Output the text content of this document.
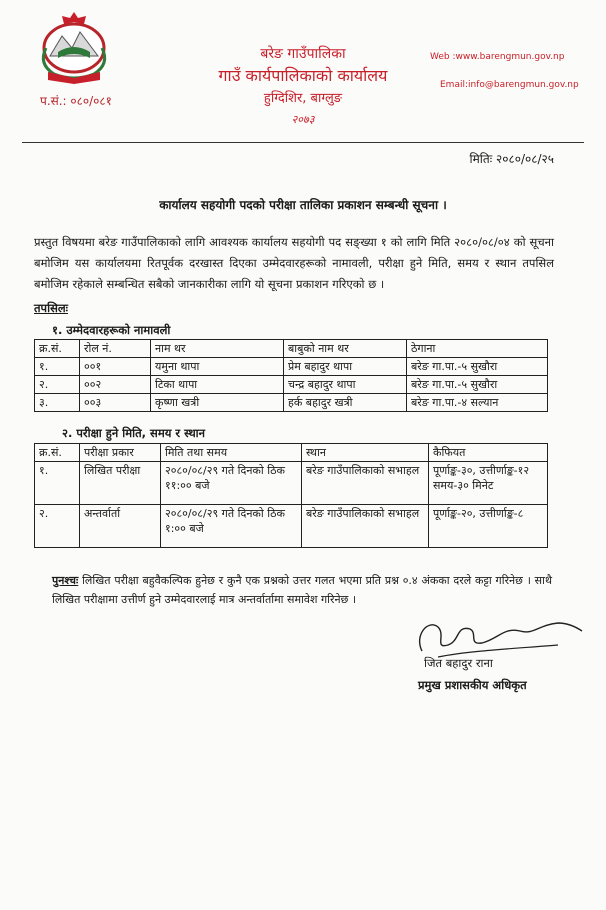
प.सं.: ०८०/०८१
बरेङ गाउँपालिका
गाउँ कार्यपालिकाको कार्यालय
हुग्दिशिर, बाग्लुङ
२०७३
Web :www.barengmun.gov.np
Email:info@barengmun.gov.np
मितिः २०८०/०८/२५
कार्यालय सहयोगी पदको परीक्षा तालिका प्रकाशन सम्बन्धी सूचना ।
प्रस्तुत विषयमा बरेङ गाउँपालिकाको लागि आवश्यक कार्यालय सहयोगी पद सङ्ख्या १ को लागि मिति २०८०/०८/०४ को सूचना बमोजिम यस कार्यालयमा रितपूर्वक दरखास्त दिएका उम्मेदवारहरूको नामावली, परीक्षा हुने मिति, समय र स्थान तपसिल बमोजिम रहेकाले सम्बन्धित सबैको जानकारीका लागि यो सूचना प्रकाशन गरिएको छ ।
तपसिलः
१. उम्मेदवारहरूको नामावली
क्र.सं.	रोल नं.	नाम थर	बाबुको नाम थर	ठेगाना
१.	००१	यमुना थापा	प्रेम बहादुर थापा	बरेङ गा.पा.-५ सुखौरा
२.	००२	टिका थापा	चन्द्र बहादुर थापा	बरेङ गा.पा.-५ सुखौरा
३.	००३	कृष्णा खत्री	हर्क बहादुर खत्री	बरेङ गा.पा.-४ सल्यान
२. परीक्षा हुने मिति, समय र स्थान
क्र.सं.	परीक्षा प्रकार	मिति तथा समय	स्थान	कैफियत
१.	लिखित परीक्षा	२०८०/०८/२९ गते दिनको ठिक ११:०० बजे	बरेङ गाउँपालिकाको सभाहल	पूर्णाङ्क-३०, उत्तीर्णाङ्क-१२ समय-३० मिनेट
२.	अन्तर्वार्ता	२०८०/०८/२९ गते दिनको ठिक १:०० बजे	बरेङ गाउँपालिकाको सभाहल	पूर्णाङ्क-२०, उत्तीर्णाङ्क-८
पुनश्चः लिखित परीक्षा बहुवैकल्पिक हुनेछ र कुनै एक प्रश्नको उत्तर गलत भएमा प्रति प्रश्न ०.४ अंकका दरले कट्टा गरिनेछ । साथै लिखित परीक्षामा उत्तीर्ण हुने उम्मेदवारलाई मात्र अन्तर्वार्तामा समावेश गरिनेछ ।
जित बहादुर राना
प्रमुख प्रशासकीय अधिकृत
